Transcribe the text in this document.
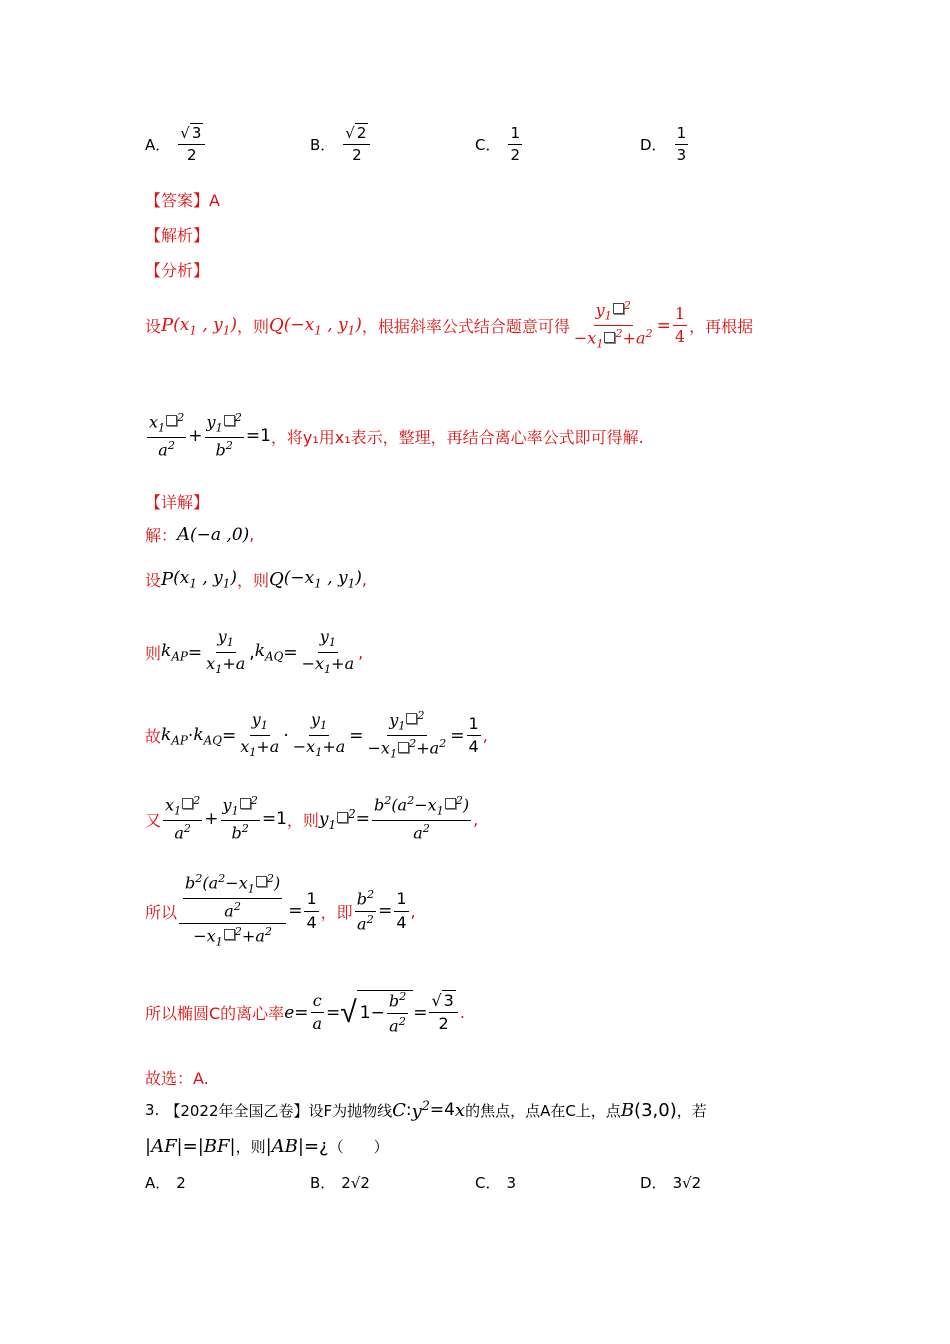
A． $\frac{√ 3}{2}$	B． $\frac{√ 2}{2}$	C． $\frac{1}{2}$	D． $\frac{1}{3}$
【答案】A
【解析】
【分析】
设 P ($x_1$ , $y_1$) ，则 Q ($-x_1$ , $y_1$) ，根据斜率公式结合题意可得 $\frac{y_1^2}{-x_1^2+a^2} = \frac{1}{4}$ ，再根据
$\frac{x_1^2}{a^2} + \frac{y_1^2}{b^2} =1$ ，将y₁用x₁表示，整理，再结合离心率公式即可得解.
【详解】
解： A (−a ,0) ,
设 P ($x_1$ , $y_1$) ，则 Q ($-x_1$ , $y_1$) ,
则 $k_{AP} = \frac{y_1}{x_1+a}$ , $k_{AQ} = \frac{y_1}{-x_1+a}$ ,
故 $k_{AP} \cdot k_{AQ} = \frac{y_1}{x_1+a} \cdot \frac{y_1}{-x_1+a} = \frac{y_1^2}{-x_1^2+a^2} = \frac{1}{4}$ ,
又 $\frac{x_1^2}{a^2} + \frac{y_1^2}{b^2} =1$ ，则 $y_1^2 = \frac{b^2(a^2-x_1^2)}{a^2}$ ,
所以 $\frac{\frac{b^2(a^2-x_1^2)}{a^2}}{-x_1^2+a^2} = \frac{1}{4}$ ，即 $\frac{b^2}{a^2} = \frac{1}{4}$ ,
所以椭圆C的离心率 $e = \frac{c}{a}$ = √ $1- \frac{b^2}{a^2} = \frac{√ 3}{2}$ .
故选：A.
3. 【2022年全国乙卷】 设F为抛物线 C : $y^2 =4$ x 的焦点，点A在C上，点 B (3,0) ，若
|AF| = |BF| ，则 |AB| =¿ （　　）
A． 2	B． 2√2	C． 3	D． 3√2
